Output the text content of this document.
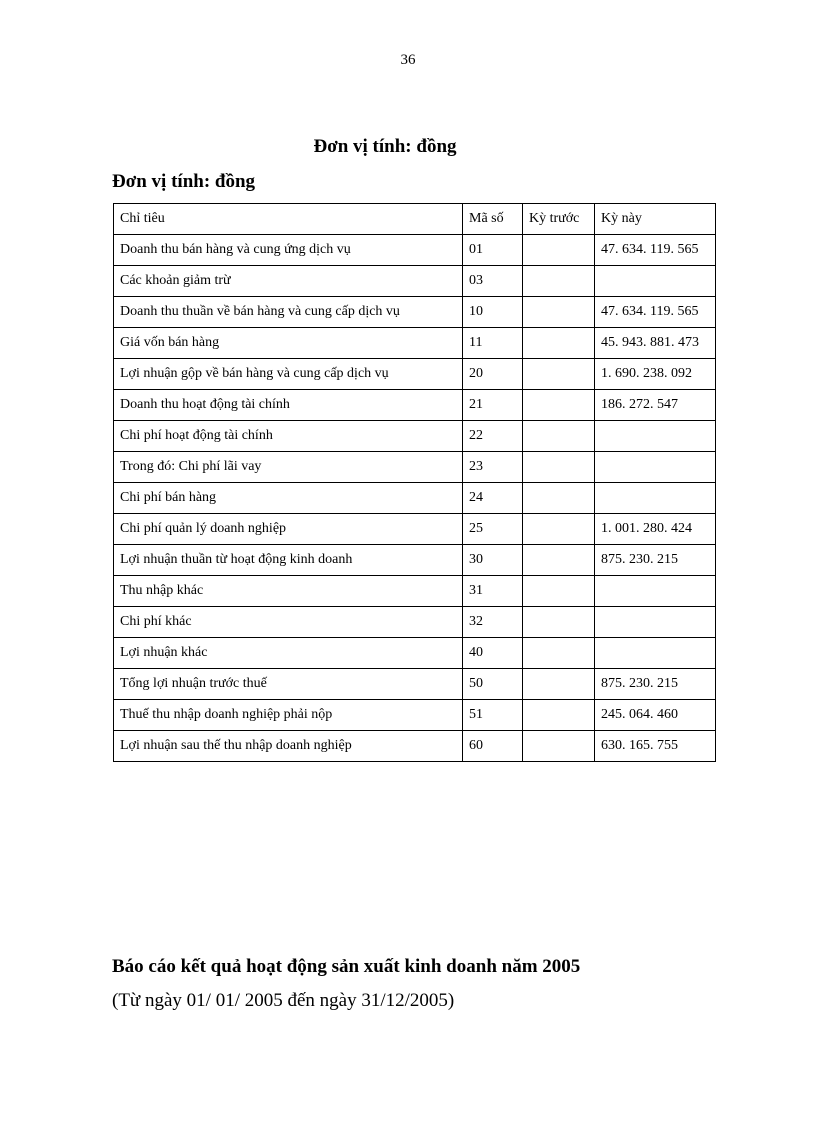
36
Đơn vị tính: đồng
Đơn vị tính: đồng
Chỉ tiêu	Mã số	Kỳ trước	Kỳ này
Doanh thu bán hàng và cung ứng dịch vụ	01		47. 634. 119. 565
Các khoản giảm trừ	03		
Doanh thu thuần về bán hàng và cung cấp dịch vụ	10		47. 634. 119. 565
Giá vốn bán hàng	11		45. 943. 881. 473
Lợi nhuận gộp về bán hàng và cung cấp dịch vụ	20		1. 690. 238. 092
Doanh thu hoạt động tài chính	21		186. 272. 547
Chi phí hoạt động tài chính	22		
Trong đó: Chi phí lãi vay	23		
Chi phí bán hàng	24		
Chi phí quản lý doanh nghiệp	25		1. 001. 280. 424
Lợi nhuận thuần từ hoạt động kinh doanh	30		875. 230. 215
Thu nhập khác	31		
Chi phí khác	32		
Lợi nhuận khác	40		
Tổng lợi nhuận trước thuế	50		875. 230. 215
Thuế thu nhập doanh nghiệp phải nộp	51		245. 064. 460
Lợi nhuận sau thế thu nhập doanh nghiệp	60		630. 165. 755
Báo cáo kết quả hoạt động sản xuất kinh doanh năm 2005
(Từ ngày 01/ 01/ 2005 đến ngày 31/12/2005)
